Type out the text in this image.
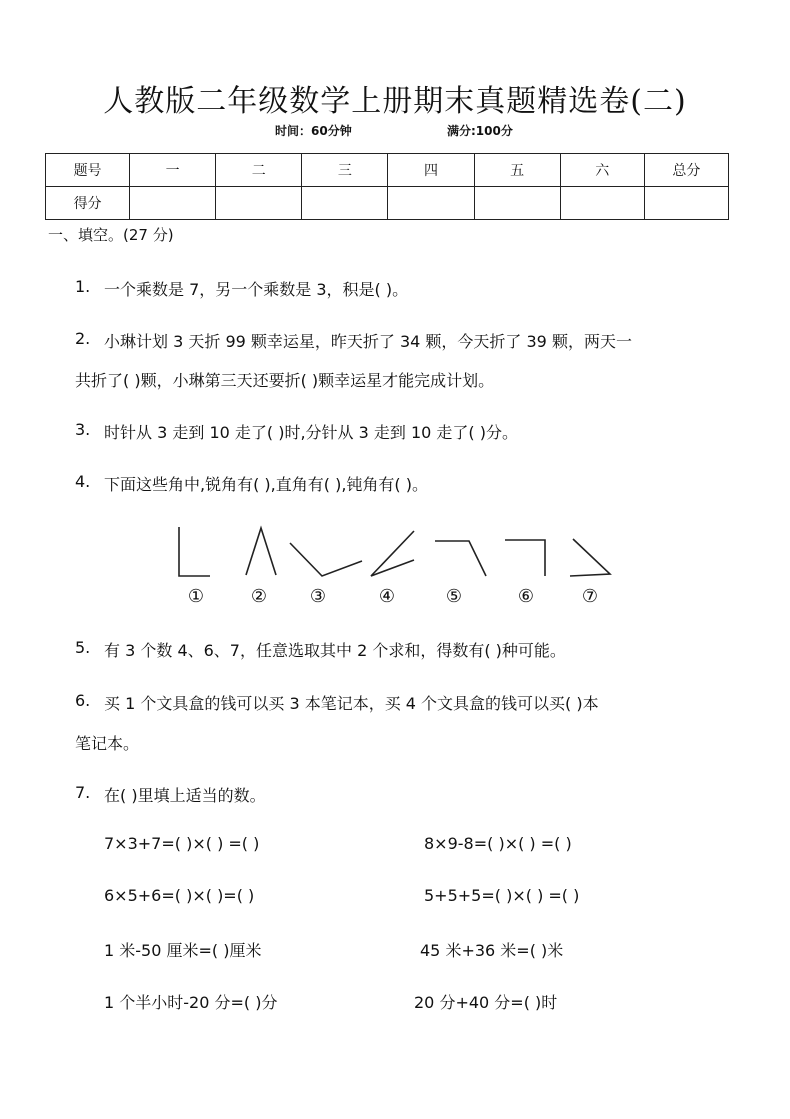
人教版二年级数学上册期末真题精选卷(二)
时间：60分钟	满分:100分
题号	一	二	三	四	五	六	总分
得分							
一、填空。(27 分)
1. 一个乘数是 7，另一个乘数是 3，积是( )。
2. 小琳计划 3 天折 99 颗幸运星，昨天折了 34 颗，今天折了 39 颗，两天一
共折了( )颗，小琳第三天还要折( )颗幸运星才能完成计划。
3. 时针从 3 走到 10 走了( )时,分针从 3 走到 10 走了( )分。
4. 下面这些角中,锐角有( ),直角有( ),钝角有( )。
①	② ③	④	⑤	⑥	⑦
5. 有 3 个数 4、6、7，任意选取其中 2 个求和，得数有( )种可能。
6. 买 1 个文具盒的钱可以买 3 本笔记本，买 4 个文具盒的钱可以买( )本
笔记本。
7. 在( )里填上适当的数。
7×3+7=( )×( ) =( )	8×9-8=( )×( ) =( )
6×5+6=( )×( )=( )	5+5+5=( )×( ) =( )
1 米-50 厘米=( )厘米	45 米+36 米=( )米
1 个半小时-20 分=( )分	20 分+40 分=( )时
